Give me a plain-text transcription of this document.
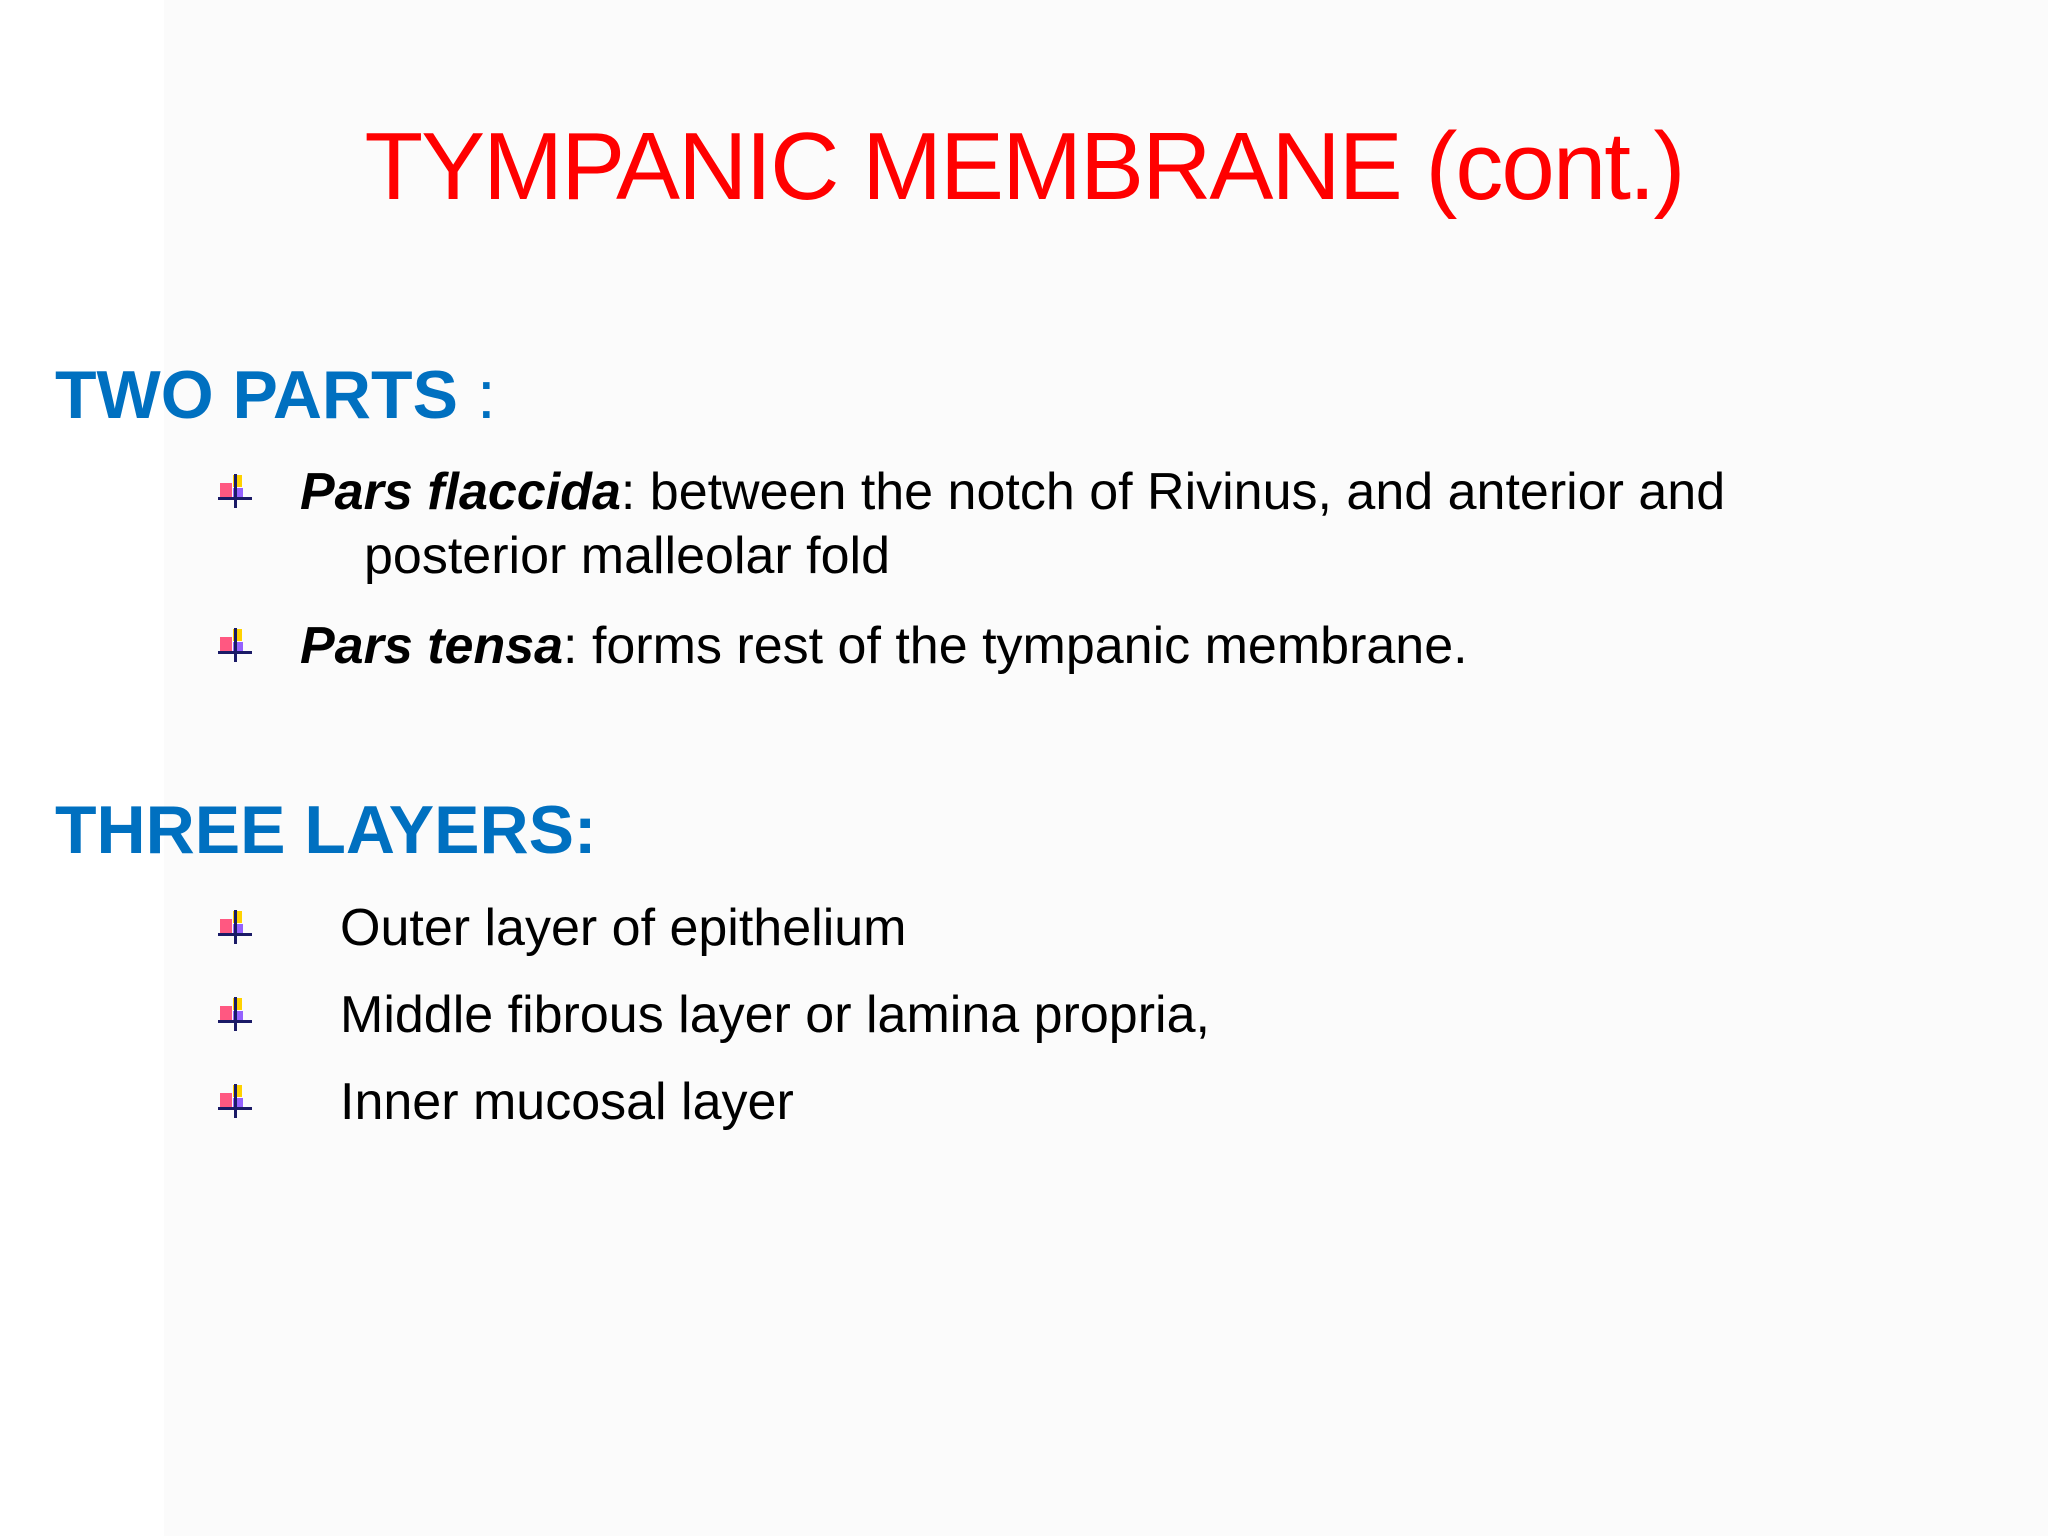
TYMPANIC MEMBRANE (cont.)
TWO PARTS :
Pars flaccida: between the notch of Rivinus, and anterior and
posterior malleolar fold
Pars tensa: forms rest of the tympanic membrane.
THREE LAYERS:
Outer layer of epithelium
Middle fibrous layer or lamina propria,
Inner mucosal layer
